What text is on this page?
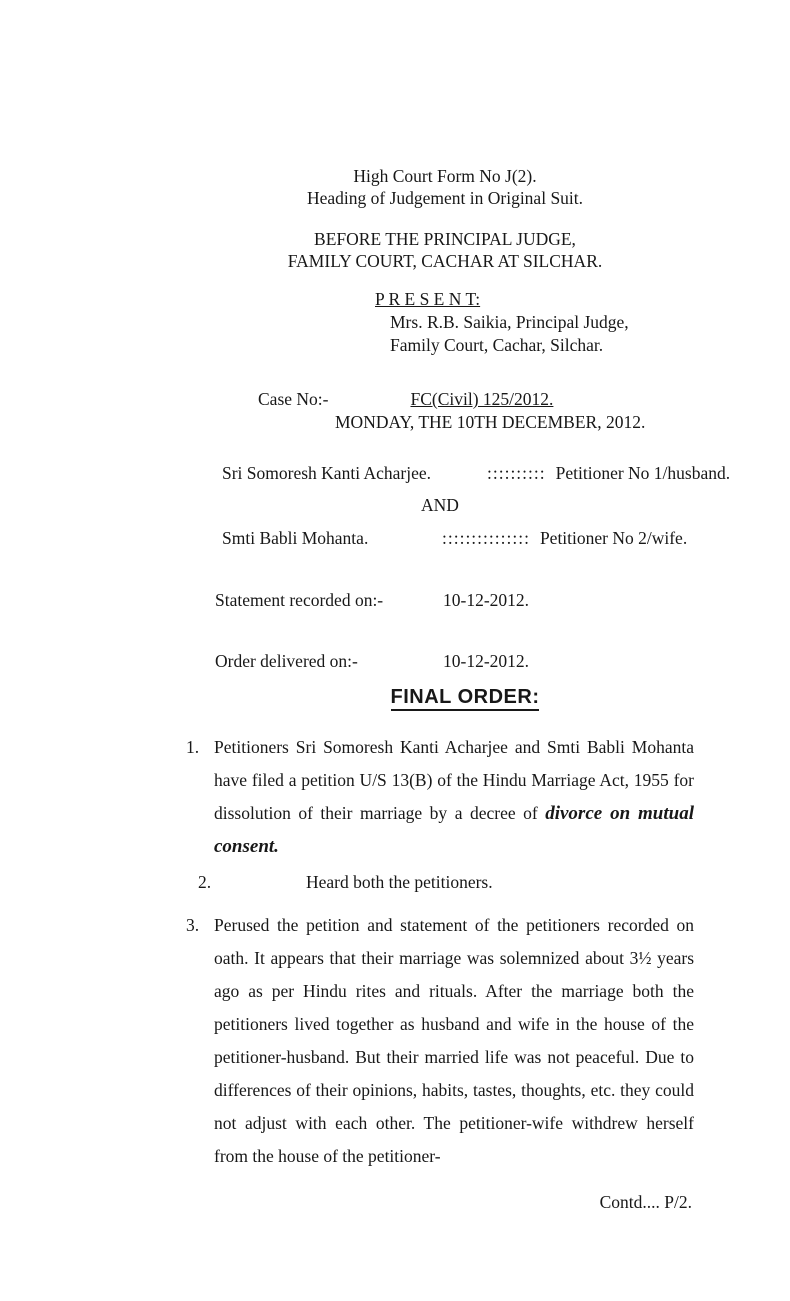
High Court Form No J(2).
Heading of Judgement in Original Suit.
BEFORE THE PRINCIPAL JUDGE,
FAMILY COURT, CACHAR AT SILCHAR.
P R E S E N T:
Mrs. R.B. Saikia, Principal Judge,
Family Court, Cachar, Silchar.
Case No:-	FC(Civil) 125/2012.
MONDAY, THE 10TH DECEMBER, 2012.
Sri Somoresh Kanti Acharjee.	:::::::::: Petitioner No 1/husband.
AND
Smti Babli Mohanta.	::::::::::::::: Petitioner No 2/wife.
Statement recorded on:-	10-12-2012.
Order delivered on:-	10-12-2012.
FINAL ORDER:
1. Petitioners Sri Somoresh Kanti Acharjee and Smti Babli Mohanta have filed a petition U/S 13(B) of the Hindu Marriage Act, 1955 for dissolution of their marriage by a decree of divorce on mutual consent.
2.	Heard both the petitioners.
3. Perused the petition and statement of the petitioners recorded on oath. It appears that their marriage was solemnized about 3½ years ago as per Hindu rites and rituals. After the marriage both the petitioners lived together as husband and wife in the house of the petitioner-husband. But their married life was not peaceful. Due to differences of their opinions, habits, tastes, thoughts, etc. they could not adjust with each other. The petitioner-wife withdrew herself from the house of the petitioner-
Contd.... P/2.
